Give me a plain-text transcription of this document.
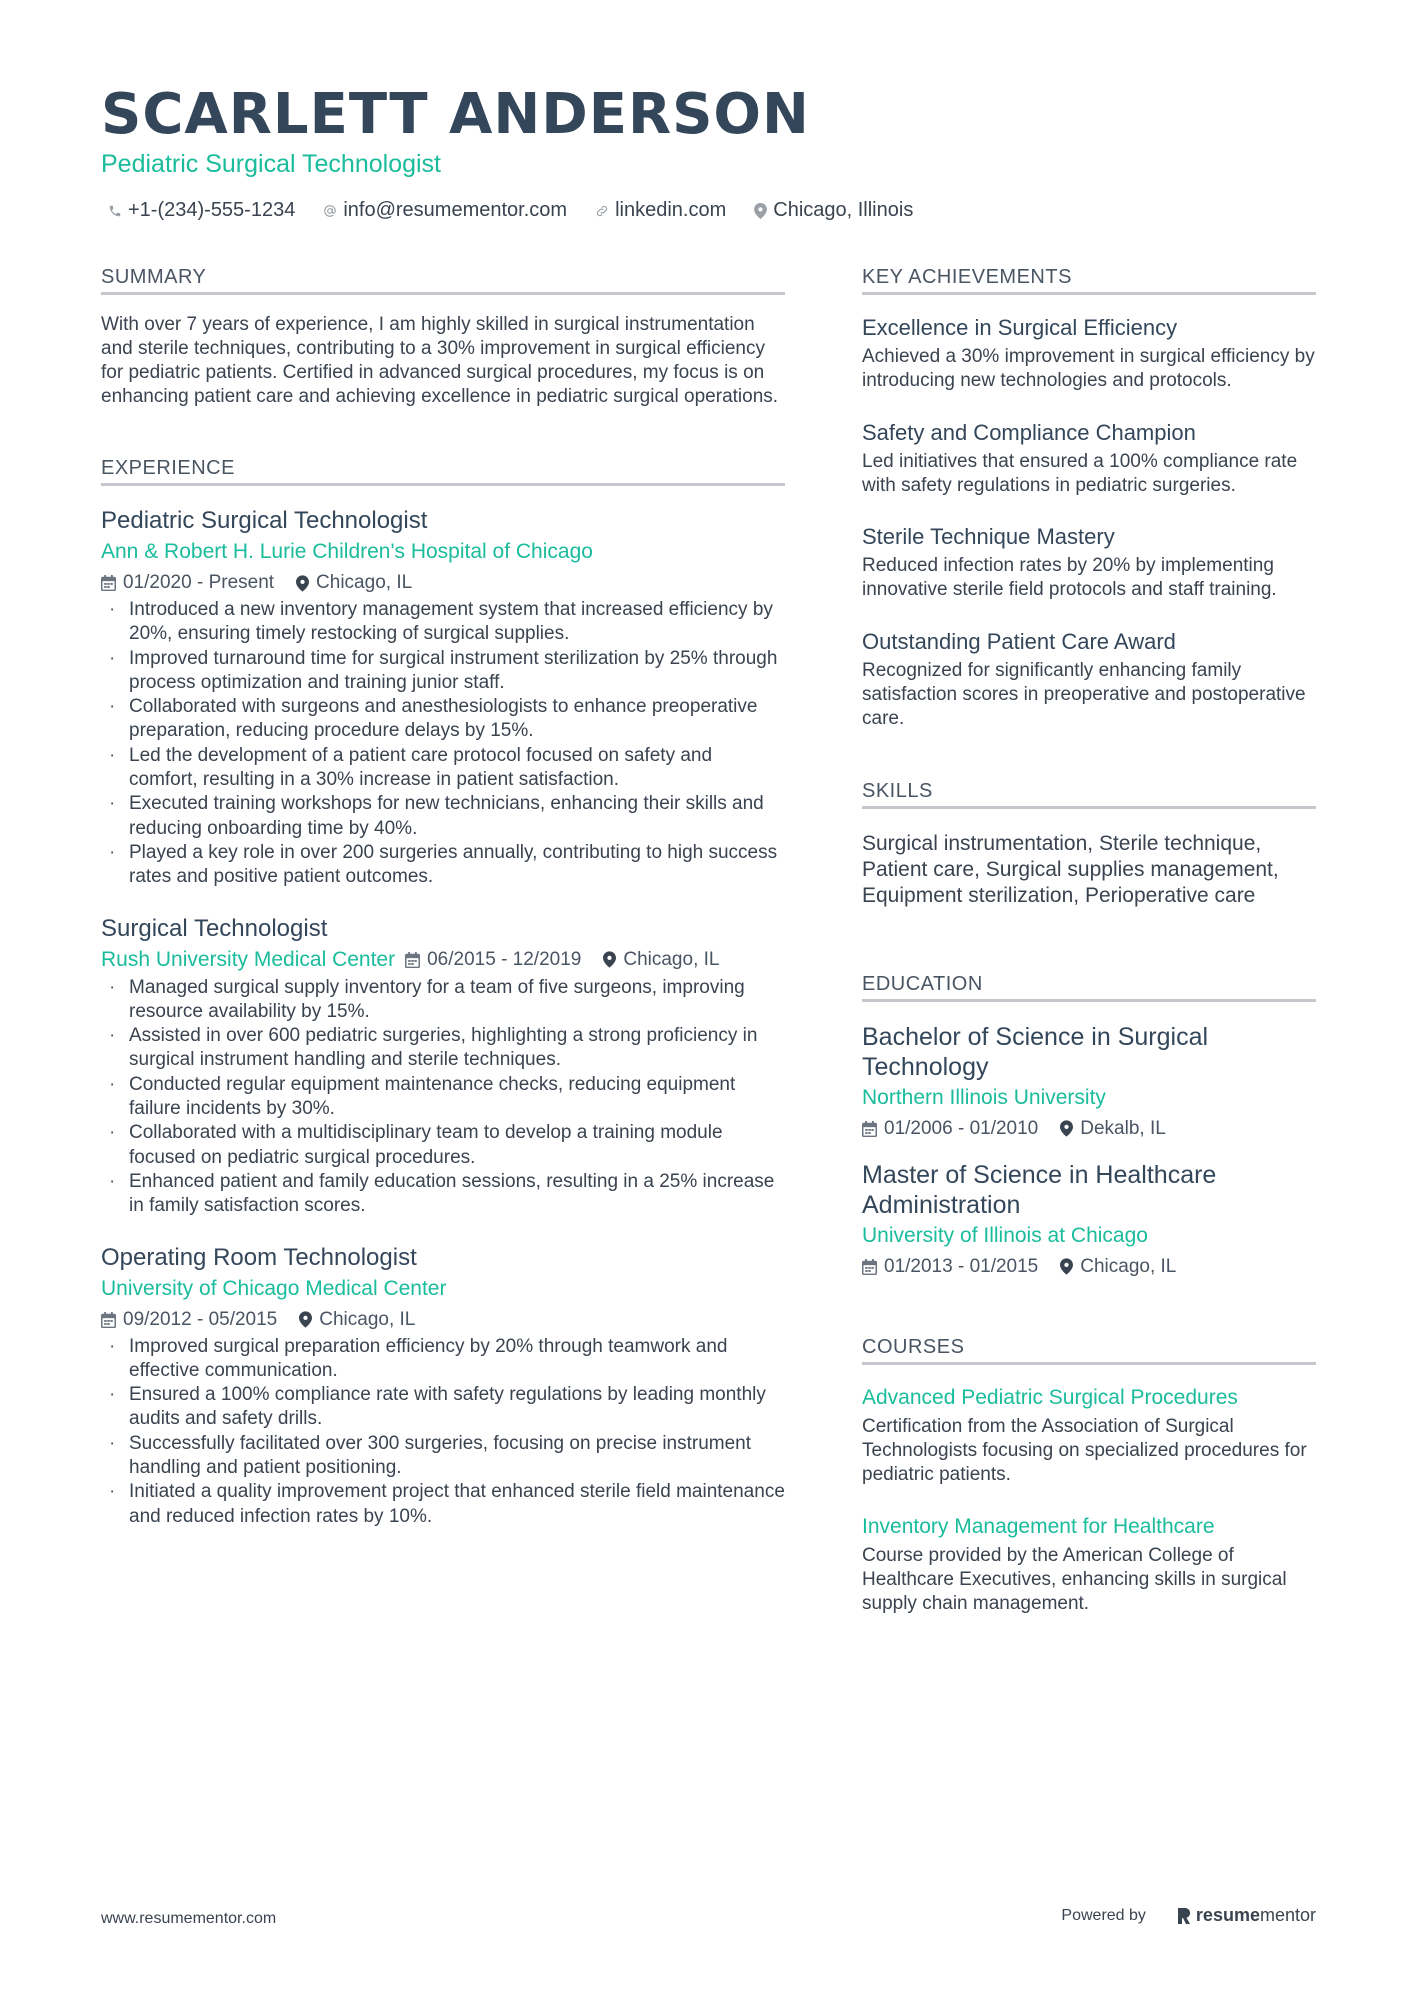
SCARLETT ANDERSON
Pediatric Surgical Technologist
+1-(234)-555-1234 info@resumementor.com linkedin.com Chicago, Illinois
SUMMARY
With over 7 years of experience, I am highly skilled in surgical instrumentation and sterile techniques, contributing to a 30% improvement in surgical efficiency for pediatric patients. Certified in advanced surgical procedures, my focus is on enhancing patient care and achieving excellence in pediatric surgical operations.
EXPERIENCE
Pediatric Surgical Technologist
Ann & Robert H. Lurie Children's Hospital of Chicago
01/2020 - Present Chicago, IL
· Introduced a new inventory management system that increased efficiency by 20%, ensuring timely restocking of surgical supplies.
· Improved turnaround time for surgical instrument sterilization by 25% through process optimization and training junior staff.
· Collaborated with surgeons and anesthesiologists to enhance preoperative preparation, reducing procedure delays by 15%.
· Led the development of a patient care protocol focused on safety and comfort, resulting in a 30% increase in patient satisfaction.
· Executed training workshops for new technicians, enhancing their skills and reducing onboarding time by 40%.
· Played a key role in over 200 surgeries annually, contributing to high success rates and positive patient outcomes.
Surgical Technologist
Rush University Medical Center 06/2015 - 12/2019 Chicago, IL
· Managed surgical supply inventory for a team of five surgeons, improving resource availability by 15%.
· Assisted in over 600 pediatric surgeries, highlighting a strong proficiency in surgical instrument handling and sterile techniques.
· Conducted regular equipment maintenance checks, reducing equipment failure incidents by 30%.
· Collaborated with a multidisciplinary team to develop a training module focused on pediatric surgical procedures.
· Enhanced patient and family education sessions, resulting in a 25% increase in family satisfaction scores.
Operating Room Technologist
University of Chicago Medical Center
09/2012 - 05/2015 Chicago, IL
· Improved surgical preparation efficiency by 20% through teamwork and effective communication.
· Ensured a 100% compliance rate with safety regulations by leading monthly audits and safety drills.
· Successfully facilitated over 300 surgeries, focusing on precise instrument handling and patient positioning.
· Initiated a quality improvement project that enhanced sterile field maintenance and reduced infection rates by 10%.
KEY ACHIEVEMENTS
Excellence in Surgical Efficiency
Achieved a 30% improvement in surgical efficiency by introducing new technologies and protocols.
Safety and Compliance Champion
Led initiatives that ensured a 100% compliance rate with safety regulations in pediatric surgeries.
Sterile Technique Mastery
Reduced infection rates by 20% by implementing innovative sterile field protocols and staff training.
Outstanding Patient Care Award
Recognized for significantly enhancing family satisfaction scores in preoperative and postoperative care.
SKILLS
Surgical instrumentation, Sterile technique, Patient care, Surgical supplies management, Equipment sterilization, Perioperative care
EDUCATION
Bachelor of Science in Surgical Technology
Northern Illinois University
01/2006 - 01/2010 Dekalb, IL
Master of Science in Healthcare Administration
University of Illinois at Chicago
01/2013 - 01/2015 Chicago, IL
COURSES
Advanced Pediatric Surgical Procedures
Certification from the Association of Surgical Technologists focusing on specialized procedures for pediatric patients.
Inventory Management for Healthcare
Course provided by the American College of Healthcare Executives, enhancing skills in surgical supply chain management.
www.resumementor.com	Powered by	resume mentor
